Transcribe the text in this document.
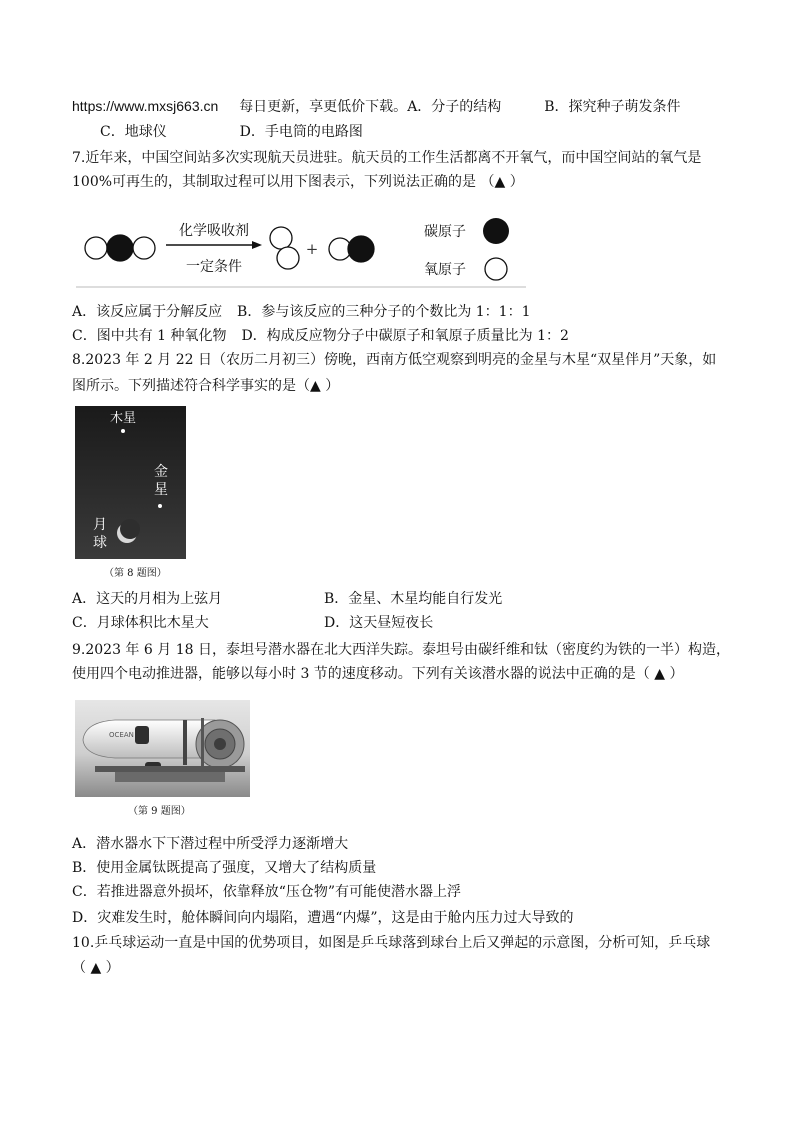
https://www.mxsj663.cn 每日更新，享更低价下载。A．分子的结构	B．探究种子萌发条件
C．地球仪	D．手电筒的电路图
7.近年来，中国空间站多次实现航天员进驻。航天员的工作生活都离不开氧气，而中国空间站的氧气是
100%可再生的，其制取过程可以用下图表示，下列说法正确的是 （▲ ）
化学吸收剂
一定条件
+
碳原子
氧原子
A．该反应属于分解反应 B．参与该反应的三种分子的个数比为 1：1：1
C．图中共有 1 种氧化物 D．构成反应物分子中碳原子和氧原子质量比为 1：2
8.2023 年 2 月 22 日（农历二月初三）傍晚，西南方低空观察到明亮的金星与木星“双星伴月”天象，如
图所示。下列描述符合科学事实的是（▲ ）
木星
金
星
月
球
（第 8 题图）
A．这天的月相为上弦月	B．金星、木星均能自行发光
C．月球体积比木星大	D．这天昼短夜长
9.2023 年 6 月 18 日，泰坦号潜水器在北大西洋失踪。泰坦号由碳纤维和钛（密度约为铁的一半）构造，
使用四个电动推进器，能够以每小时 3 节的速度移动。下列有关该潜水器的说法中正确的是（ ▲ ）
OCEAN
（第 9 题图）
A．潜水器水下下潜过程中所受浮力逐渐增大
B．使用金属钛既提高了强度，又增大了结构质量
C．若推进器意外损坏，依靠释放“压仓物”有可能使潜水器上浮
D．灾难发生时，舱体瞬间向内塌陷，遭遇“内爆”，这是由于舱内压力过大导致的
10.乒乓球运动一直是中国的优势项目，如图是乒乓球落到球台上后又弹起的示意图，分析可知，乒乓球
（ ▲ ）
